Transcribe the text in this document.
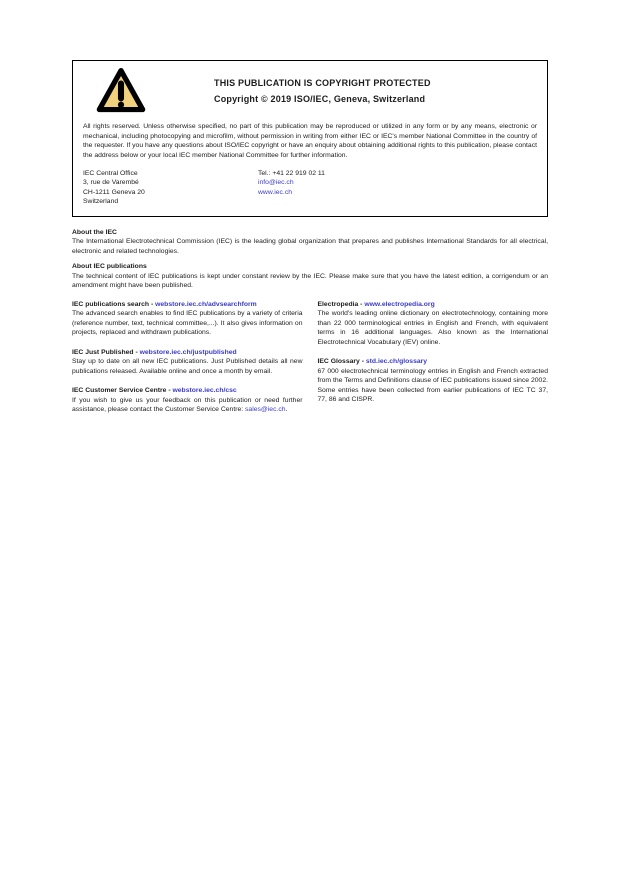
THIS PUBLICATION IS COPYRIGHT PROTECTED
Copyright © 2019 ISO/IEC, Geneva, Switzerland

All rights reserved. Unless otherwise specified, no part of this publication may be reproduced or utilized in any form or by any means, electronic or mechanical, including photocopying and microfilm, without permission in writing from either IEC or IEC's member National Committee in the country of the requester. If you have any questions about ISO/IEC copyright or have an enquiry about obtaining additional rights to this publication, please contact the address below or your local IEC member National Committee for further information.

IEC Central Office
3, rue de Varembé
CH-1211 Geneva 20
Switzerland
Tel.: +41 22 919 02 11
info@iec.ch
www.iec.ch
About the IEC

The International Electrotechnical Commission (IEC) is the leading global organization that prepares and publishes International Standards for all electrical, electronic and related technologies.

About IEC publications

The technical content of IEC publications is kept under constant review by the IEC. Please make sure that you have the latest edition, a corrigendum or an amendment might have been published.

IEC publications search - webstore.iec.ch/advsearchform

The advanced search enables to find IEC publications by a variety of criteria (reference number, text, technical committee,...). It also gives information on projects, replaced and withdrawn publications.

IEC Just Published - webstore.iec.ch/justpublished

Stay up to date on all new IEC publications. Just Published details all new publications released. Available online and once a month by email.

IEC Customer Service Centre - webstore.iec.ch/csc

If you wish to give us your feedback on this publication or need further assistance, please contact the Customer Service Centre: sales@iec.ch.

Electropedia - www.electropedia.org

The world's leading online dictionary on electrotechnology, containing more than 22 000 terminological entries in English and French, with equivalent terms in 16 additional languages. Also known as the International Electrotechnical Vocabulary (IEV) online.

IEC Glossary - std.iec.ch/glossary

67 000 electrotechnical terminology entries in English and French extracted from the Terms and Definitions clause of IEC publications issued since 2002. Some entries have been collected from earlier publications of IEC TC 37, 77, 86 and CISPR.
